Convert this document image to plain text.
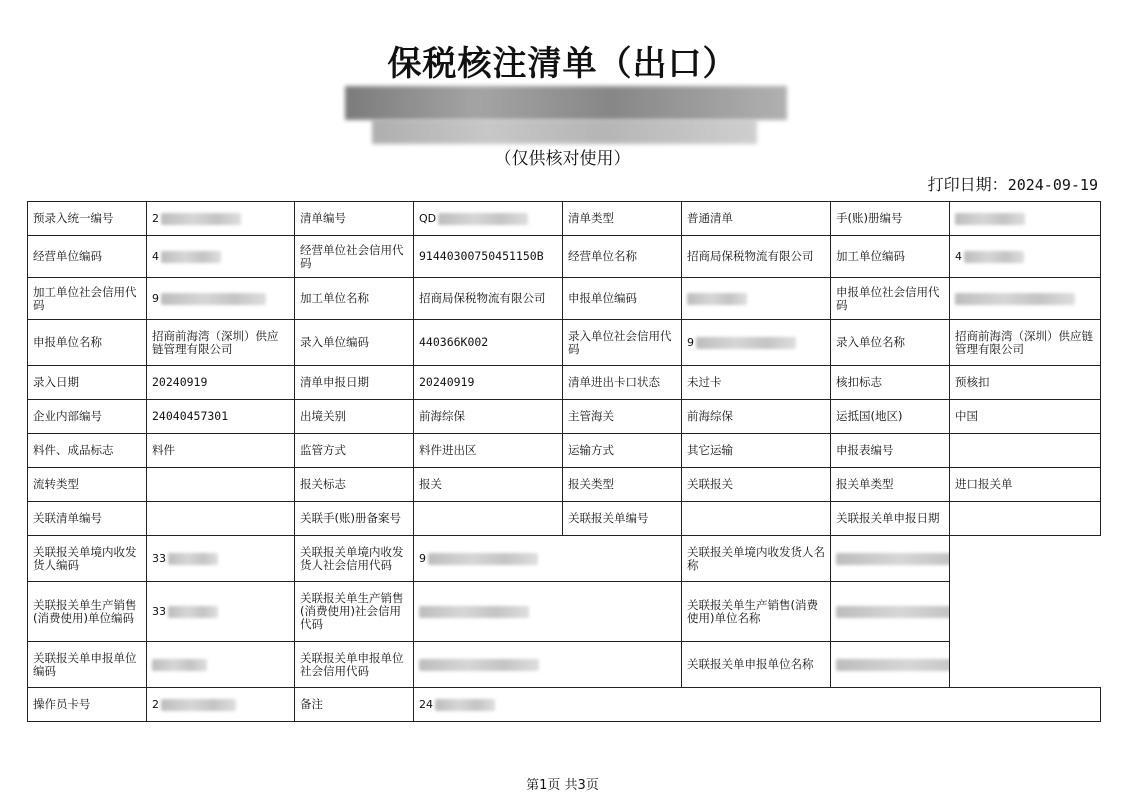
保税核注清单（出口）
（仅供核对使用）
打印日期：2024-09-19
预录入统一编号	2	清单编号	QD	清单类型	普通清单	手(账)册编号	
经营单位编码	4	经营单位社会信用代码	91440300750451150B	经营单位名称	招商局保税物流有限公司	加工单位编码	4
加工单位社会信用代码	9	加工单位名称	招商局保税物流有限公司	申报单位编码		申报单位社会信用代码	
申报单位名称	招商前海湾（深圳）供应链管理有限公司	录入单位编码	440366K002	录入单位社会信用代码	9	录入单位名称	招商前海湾（深圳）供应链管理有限公司
录入日期	20240919	清单申报日期	20240919	清单进出卡口状态	未过卡	核扣标志	预核扣
企业内部编号	24040457301	出境关别	前海综保	主管海关	前海综保	运抵国(地区)	中国
料件、成品标志	料件	监管方式	料件进出区	运输方式	其它运输	申报表编号	
流转类型		报关标志	报关	报关类型	关联报关	报关单类型	进口报关单
关联清单编号		关联手(账)册备案号		关联报关单编号		关联报关单申报日期	
关联报关单境内收发货人编码	33	关联报关单境内收发货人社会信用代码	9		关联报关单境内收发货人名称		
关联报关单生产销售(消费使用)单位编码	33	关联报关单生产销售(消费使用)社会信用代码			关联报关单生产销售(消费使用)单位名称		
关联报关单申报单位编码		关联报关单申报单位社会信用代码			关联报关单申报单位名称		
操作员卡号	2	备注	24				
第1页 共3页
